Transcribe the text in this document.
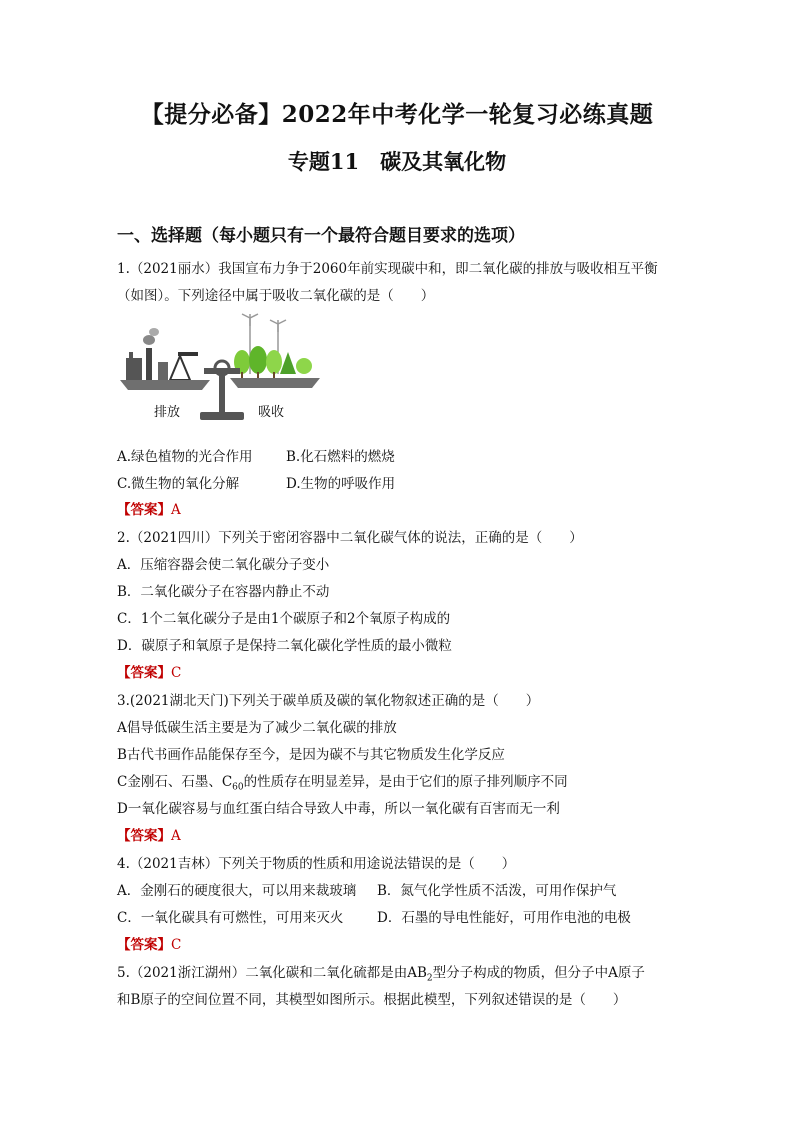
【提分必备】2022年中考化学一轮复习必练真题
专题11　碳及其氧化物
一、选择题（每小题只有一个最符合题目要求的选项）
1.（2021丽水）我国宣布力争于2060年前实现碳中和，即二氧化碳的排放与吸收相互平衡
（如图）。下列途径中属于吸收二氧化碳的是（　　）
排放	吸收
A.绿色植物的光合作用 B.化石燃料的燃烧
C.微生物的氧化分解	D.生物的呼吸作用
【答案】A
2.（2021四川）下列关于密闭容器中二氧化碳气体的说法，正确的是（　　）
A．压缩容器会使二氧化碳分子变小
B．二氧化碳分子在容器内静止不动
C．1个二氧化碳分子是由1个碳原子和2个氧原子构成的
D．碳原子和氧原子是保持二氧化碳化学性质的最小微粒
【答案】C
3.(2021湖北天门)下列关于碳单质及碳的氧化物叙述正确的是（　　）
A倡导低碳生活主要是为了减少二氧化碳的排放
B古代书画作品能保存至今，是因为碳不与其它物质发生化学反应
C金刚石、石墨、$C_{60}$的性质存在明显差异，是由于它们的原子排列顺序不同
D一氧化碳容易与血红蛋白结合导致人中毒，所以一氧化碳有百害而无一利
【答案】A
4.（2021吉林）下列关于物质的性质和用途说法错误的是（　　）
A．金刚石的硬度很大，可以用来裁玻璃 B．氮气化学性质不活泼，可用作保护气
C．一氧化碳具有可燃性，可用来灭火 D．石墨的导电性能好，可用作电池的电极
【答案】C
5.（2021浙江湖州）二氧化碳和二氧化硫都是由$AB_2$型分子构成的物质，但分子中A原子
和B原子的空间位置不同，其模型如图所示。根据此模型，下列叙述错误的是（　　）
